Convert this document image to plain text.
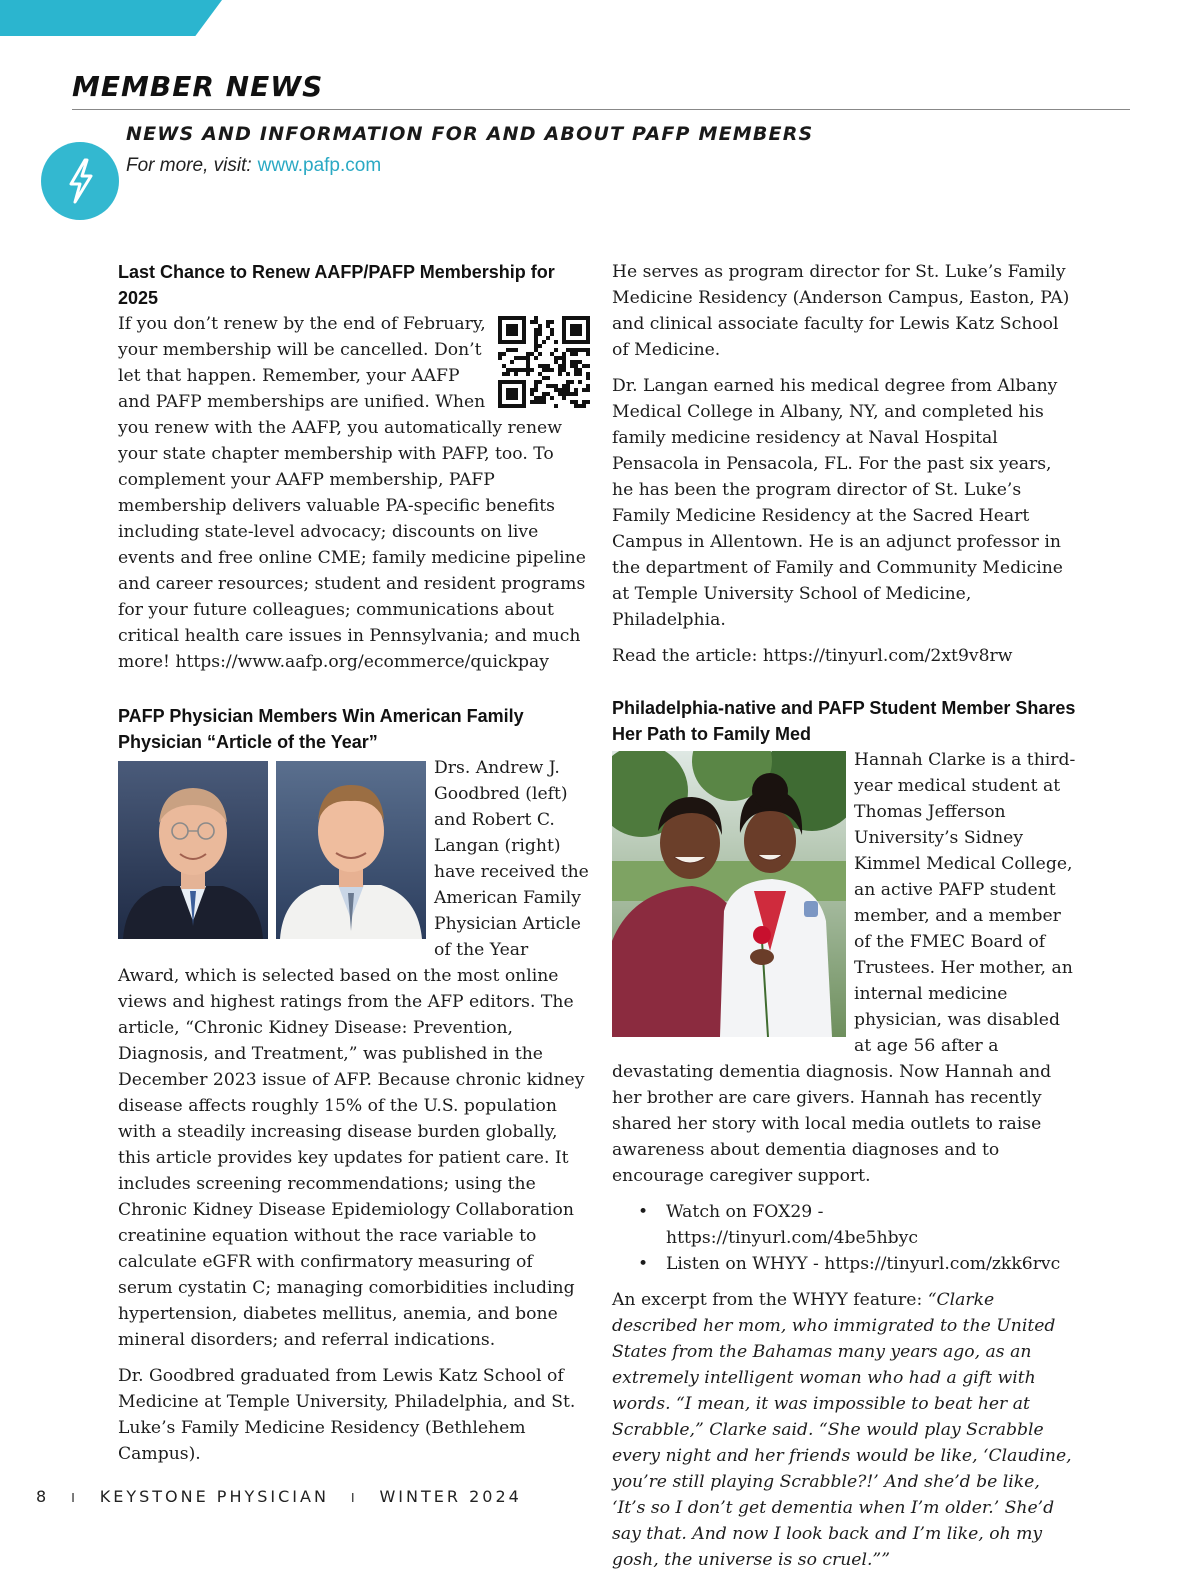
MEMBER NEWS
NEWS AND INFORMATION FOR AND ABOUT PAFP MEMBERS
For more, visit: www.pafp.com
Last Chance to Renew AAFP/PAFP Membership for 2025

If you don’t renew by the end of February, your membership will be cancelled. Don’t let that happen. Remember, your AAFP and PAFP memberships are unified. When you renew with the AAFP, you automatically renew your state chapter membership with PAFP, too. To complement your AAFP membership, PAFP membership delivers valuable PA-specific benefits including state-level advocacy; discounts on live events and free online CME; family medicine pipeline and career resources; student and resident programs for your future colleagues; communications about critical health care issues in Pennsylvania; and much more! https://www.aafp.org/ecommerce/quickpay

PAFP Physician Members Win American Family Physician “Article of the Year”

Drs. Andrew J. Goodbred (left) and Robert C. Langan (right) have received the American Family Physician Article of the Year Award, which is selected based on the most online views and highest ratings from the AFP editors. The article, “Chronic Kidney Disease: Prevention, Diagnosis, and Treatment,” was published in the December 2023 issue of AFP. Because chronic kidney disease affects roughly 15% of the U.S. population with a steadily increasing disease burden globally, this article provides key updates for patient care. It includes screening recommendations; using the Chronic Kidney Disease Epidemiology Collaboration creatinine equation without the race variable to calculate eGFR with confirmatory measuring of serum cystatin C; managing comorbidities including hypertension, diabetes mellitus, anemia, and bone mineral disorders; and referral indications.

Dr. Goodbred graduated from Lewis Katz School of Medicine at Temple University, Philadelphia, and St. Luke’s Family Medicine Residency (Bethlehem Campus).

He serves as program director for St. Luke’s Family Medicine Residency (Anderson Campus, Easton, PA) and clinical associate faculty for Lewis Katz School of Medicine.

Dr. Langan earned his medical degree from Albany Medical College in Albany, NY, and completed his family medicine residency at Naval Hospital Pensacola in Pensacola, FL. For the past six years, he has been the program director of St. Luke’s Family Medicine Residency at the Sacred Heart Campus in Allentown. He is an adjunct professor in the department of Family and Community Medicine at Temple University School of Medicine, Philadelphia.

Read the article: https://tinyurl.com/2xt9v8rw

Philadelphia-native and PAFP Student Member Shares Her Path to Family Med

Hannah Clarke is a third-year medical student at Thomas Jefferson University’s Sidney Kimmel Medical College, an active PAFP student member, and a member of the FMEC Board of Trustees. Her mother, an internal medicine physician, was disabled at age 56 after a devastating dementia diagnosis. Now Hannah and her brother are care givers. Hannah has recently shared her story with local media outlets to raise awareness about dementia diagnoses and to encourage caregiver support.

• Watch on FOX29 - https://tinyurl.com/4be5hbyc
• Listen on WHYY - https://tinyurl.com/zkk6rvc

An excerpt from the WHYY feature: “Clarke described her mom, who immigrated to the United States from the Bahamas many years ago, as an extremely intelligent woman who had a gift with words. “I mean, it was impossible to beat her at Scrabble,” Clarke said. “She would play Scrabble every night and her friends would be like, ‘Claudine, you’re still playing Scrabble?!’ And she’d be like, ‘It’s so I don’t get dementia when I’m older.’ She’d say that. And now I look back and I’m like, oh my gosh, the universe is so cruel.””

8 I KEYSTONE PHYSICIAN I WINTER 2024
